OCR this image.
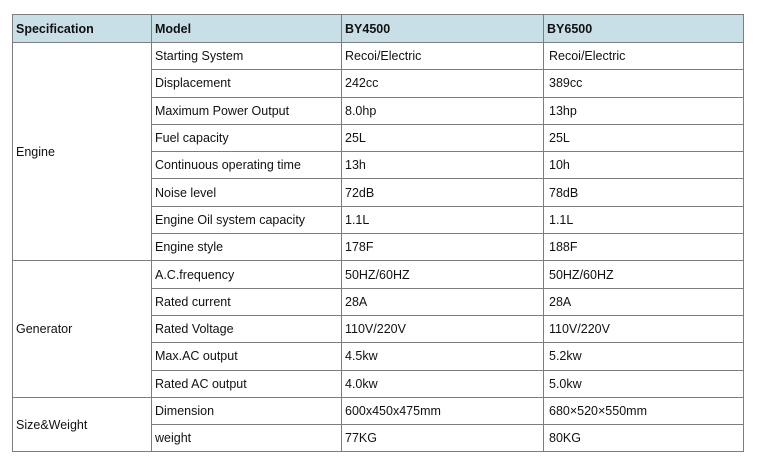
Specification	Model	BY4500	BY6500
Engine	Starting System	Recoi/Electric	Recoi/Electric
	Displacement	242cc	389cc
	Maximum Power Output	8.0hp	13hp
	Fuel capacity	25L	25L
	Continuous operating time	13h	10h
	Noise level	72dB	78dB
	Engine Oil system capacity	1.1L	1.1L
	Engine style	178F	188F
Generator	A.C.frequency	50HZ/60HZ	50HZ/60HZ
	Rated current	28A	28A
	Rated Voltage	110V/220V	110V/220V
	Max.AC output	4.5kw	5.2kw
	Rated AC output	4.0kw	5.0kw
Size&Weight	Dimension	600x450x475mm	680×520×550mm
	weight	77KG	80KG
